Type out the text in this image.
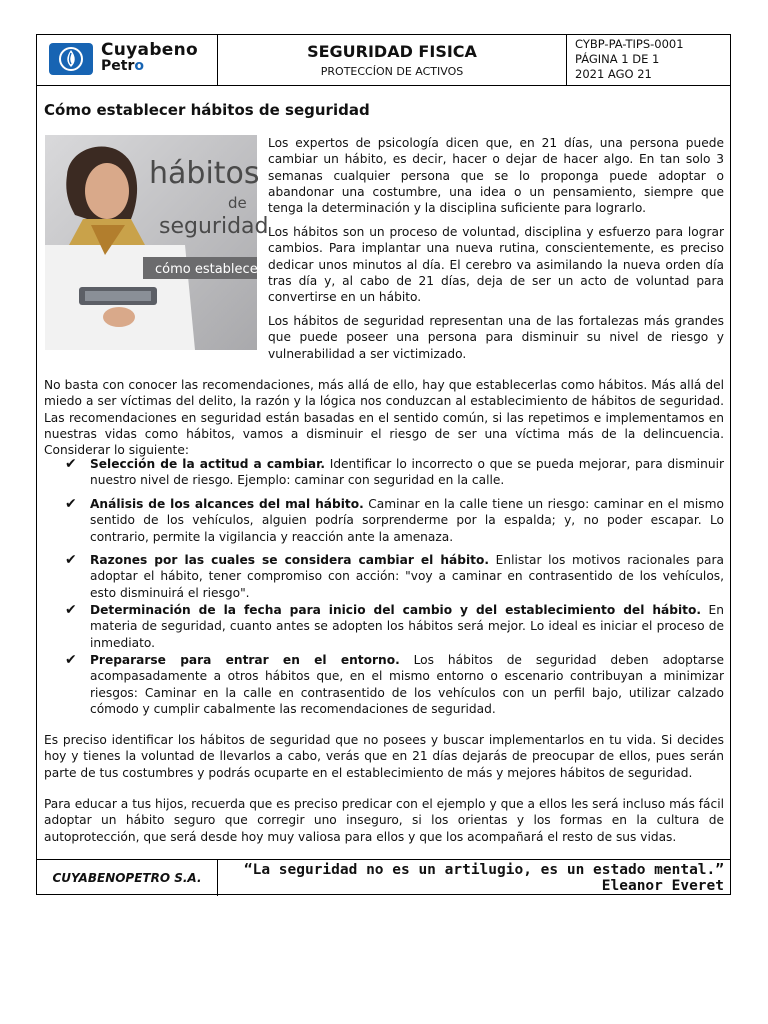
Cuyabeno
Petro
SEGURIDAD FISICA
PROTECCÍON DE ACTIVOS
CYBP-PA-TIPS-0001
PÁGINA 1 DE 1
2021 AGO 21
Cómo establecer hábitos de seguridad
hábitos
de
seguridad
cómo establecer

Los expertos de psicología dicen que, en 21 días, una persona puede cambiar un hábito, es decir, hacer o dejar de hacer algo. En tan solo 3 semanas cualquier persona que se lo proponga puede adoptar o abandonar una costumbre, una idea o un pensamiento, siempre que tenga la determinación y la disciplina suficiente para lograrlo.

Los hábitos son un proceso de voluntad, disciplina y esfuerzo para lograr cambios. Para implantar una nueva rutina, conscientemente, es preciso dedicar unos minutos al día. El cerebro va asimilando la nueva orden día tras día y, al cabo de 21 días, deja de ser un acto de voluntad para convertirse en un hábito.

Los hábitos de seguridad representan una de las fortalezas más grandes que puede poseer una persona para disminuir su nivel de riesgo y vulnerabilidad a ser victimizado.

No basta con conocer las recomendaciones, más allá de ello, hay que establecerlas como hábitos. Más allá del miedo a ser víctimas del delito, la razón y la lógica nos conduzcan al establecimiento de hábitos de seguridad. Las recomendaciones en seguridad están basadas en el sentido común, si las repetimos e implementamos en nuestras vidas como hábitos, vamos a disminuir el riesgo de ser una víctima más de la delincuencia. Considerar lo siguiente:

✔ Selección de la actitud a cambiar. Identificar lo incorrecto o que se pueda mejorar, para disminuir nuestro nivel de riesgo. Ejemplo: caminar con seguridad en la calle.

✔ Análisis de los alcances del mal hábito. Caminar en la calle tiene un riesgo: caminar en el mismo sentido de los vehículos, alguien podría sorprenderme por la espalda; y, no poder escapar. Lo contrario, permite la vigilancia y reacción ante la amenaza.

✔ Razones por las cuales se considera cambiar el hábito. Enlistar los motivos racionales para adoptar el hábito, tener compromiso con acción: "voy a caminar en contrasentido de los vehículos, esto disminuirá el riesgo".

✔ Determinación de la fecha para inicio del cambio y del establecimiento del hábito. En materia de seguridad, cuanto antes se adopten los hábitos será mejor. Lo ideal es iniciar el proceso de inmediato.

✔ Prepararse para entrar en el entorno. Los hábitos de seguridad deben adoptarse acompasadamente a otros hábitos que, en el mismo entorno o escenario contribuyan a minimizar riesgos: Caminar en la calle en contrasentido de los vehículos con un perfil bajo, utilizar calzado cómodo y cumplir cabalmente las recomendaciones de seguridad.

Es preciso identificar los hábitos de seguridad que no posees y buscar implementarlos en tu vida. Si decides hoy y tienes la voluntad de llevarlos a cabo, verás que en 21 días dejarás de preocupar de ellos, pues serán parte de tus costumbres y podrás ocuparte en el establecimiento de más y mejores hábitos de seguridad.

Para educar a tus hijos, recuerda que es preciso predicar con el ejemplo y que a ellos les será incluso más fácil adoptar un hábito seguro que corregir uno inseguro, si los orientas y los formas en la cultura de autoprotección, que será desde hoy muy valiosa para ellos y que los acompañará el resto de sus vidas.

CUYABENOPETRO S.A.	“La seguridad no es un artilugio, es un estado mental.”
Eleanor Everet
